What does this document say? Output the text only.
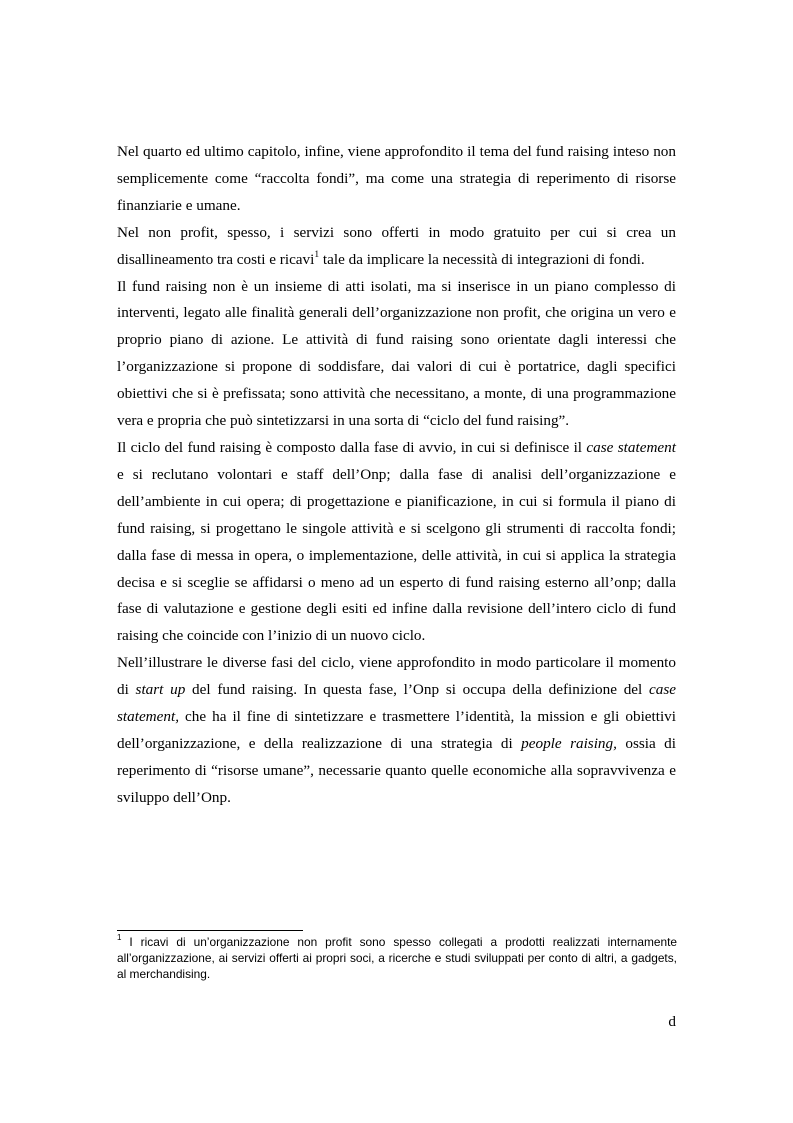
Nel quarto ed ultimo capitolo, infine, viene approfondito il tema del fund raising inteso non semplicemente come “raccolta fondi”, ma come una strategia di reperimento di risorse finanziarie e umane.

Nel non profit, spesso, i servizi sono offerti in modo gratuito per cui si crea un disallineamento tra costi e ricavi$^1$ tale da implicare la necessità di integrazioni di fondi.

Il fund raising non è un insieme di atti isolati, ma si inserisce in un piano complesso di interventi, legato alle finalità generali dell’organizzazione non profit, che origina un vero e proprio piano di azione. Le attività di fund raising sono orientate dagli interessi che l’organizzazione si propone di soddisfare, dai valori di cui è portatrice, dagli specifici obiettivi che si è prefissata; sono attività che necessitano, a monte, di una programmazione vera e propria che può sintetizzarsi in una sorta di “ciclo del fund raising”.

Il ciclo del fund raising è composto dalla fase di avvio, in cui si definisce il case statement e si reclutano volontari e staff dell’Onp; dalla fase di analisi dell’organizzazione e dell’ambiente in cui opera; di progettazione e pianificazione, in cui si formula il piano di fund raising, si progettano le singole attività e si scelgono gli strumenti di raccolta fondi; dalla fase di messa in opera, o implementazione, delle attività, in cui si applica la strategia decisa e si sceglie se affidarsi o meno ad un esperto di fund raising esterno all’onp; dalla fase di valutazione e gestione degli esiti ed infine dalla revisione dell’intero ciclo di fund raising che coincide con l’inizio di un nuovo ciclo.

Nell’illustrare le diverse fasi del ciclo, viene approfondito in modo particolare il momento di start up del fund raising. In questa fase, l’Onp si occupa della definizione del case statement, che ha il fine di sintetizzare e trasmettere l’identità, la mission e gli obiettivi dell’organizzazione, e della realizzazione di una strategia di people raising, ossia di reperimento di “risorse umane”, necessarie quanto quelle economiche alla sopravvivenza e sviluppo dell’Onp.

$^1$ I ricavi di un’organizzazione non profit sono spesso collegati a prodotti realizzati internamente all’organizzazione, ai servizi offerti ai propri soci, a ricerche e studi sviluppati per conto di altri, a gadgets, al merchandising.
d
